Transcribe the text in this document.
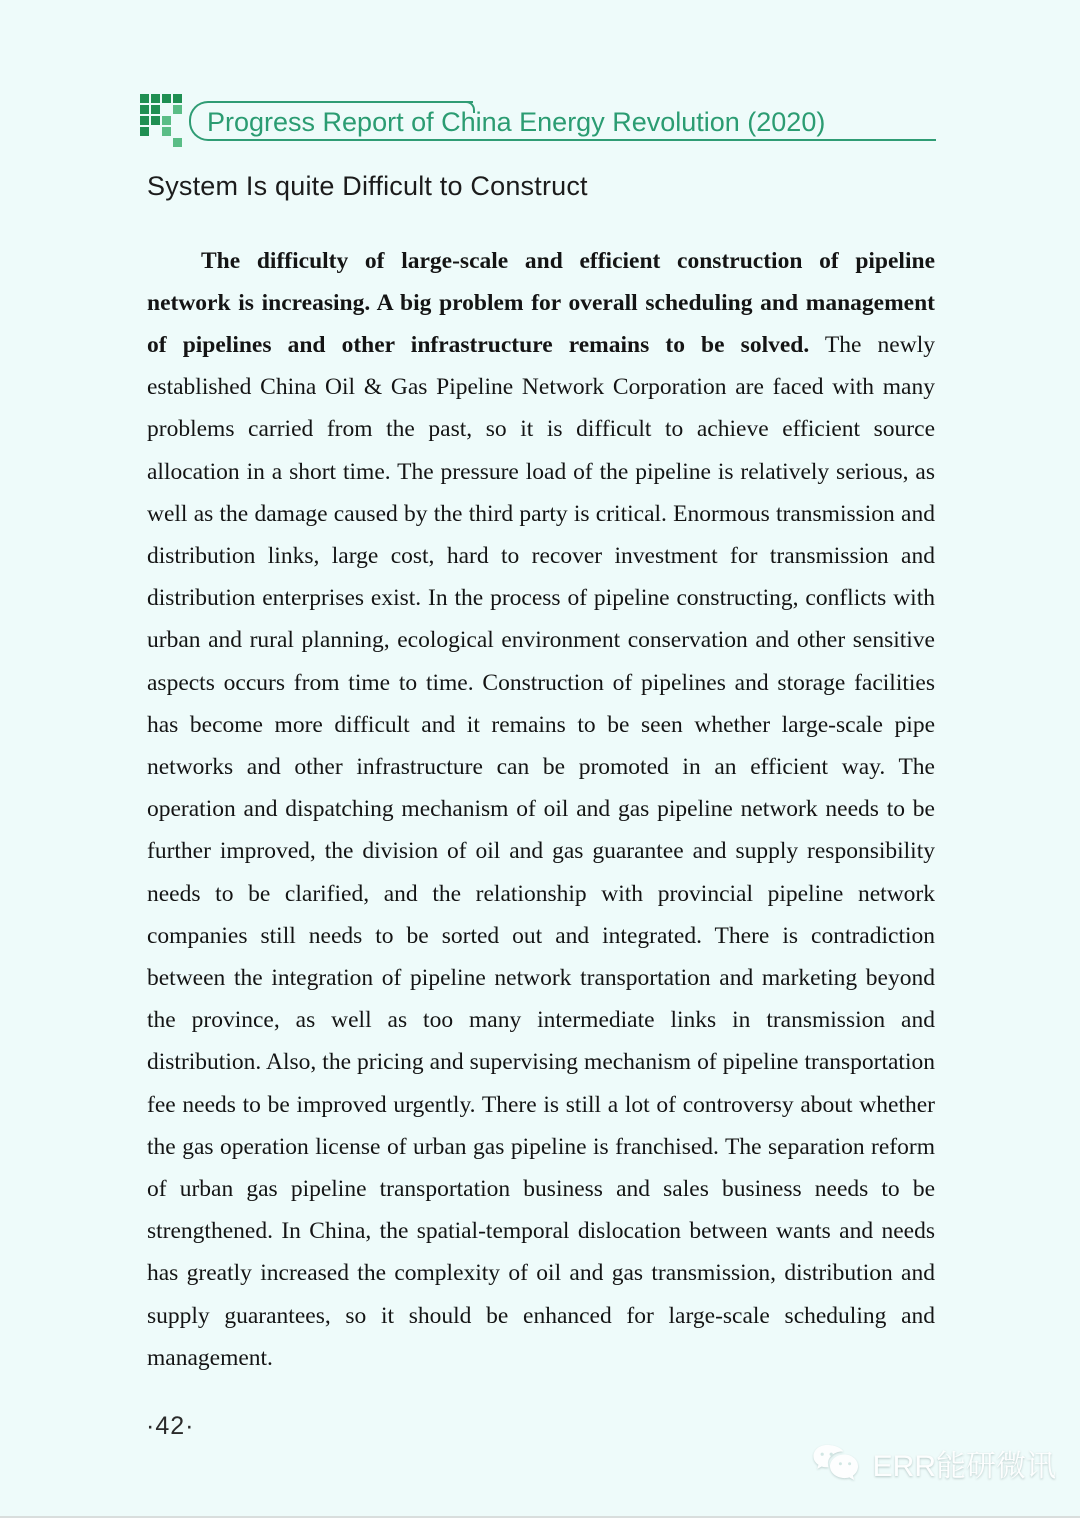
Progress Report of China Energy Revolution (2020)
System Is quite Difficult to Construct

The difficulty of large-scale and efficient construction of pipeline network is increasing. A big problem for overall scheduling and management of pipelines and other infrastructure remains to be solved. The newly established China Oil & Gas Pipeline Network Corporation are faced with many problems carried from the past, so it is difficult to achieve efficient source allocation in a short time. The pressure load of the pipeline is relatively serious, as well as the damage caused by the third party is critical. Enormous transmission and distribution links, large cost, hard to recover investment for transmission and distribution enterprises exist. In the process of pipeline constructing, conflicts with urban and rural planning, ecological environment conservation and other sensitive aspects occurs from time to time. Construction of pipelines and storage facilities has become more difficult and it remains to be seen whether large-scale pipe networks and other infrastructure can be promoted in an efficient way. The operation and dispatching mechanism of oil and gas pipeline network needs to be further improved, the division of oil and gas guarantee and supply responsibility needs to be clarified, and the relationship with provincial pipeline network companies still needs to be sorted out and integrated. There is contradiction between the integration of pipeline network transportation and marketing beyond the province, as well as too many intermediate links in transmission and distribution. Also, the pricing and supervising mechanism of pipeline transportation fee needs to be improved urgently. There is still a lot of controversy about whether the gas operation license of urban gas pipeline is franchised. The separation reform of urban gas pipeline transportation business and sales business needs to be strengthened. In China, the spatial-temporal dislocation between wants and needs has greatly increased the complexity of oil and gas transmission, distribution and supply guarantees, so it should be enhanced for large-scale scheduling and management.

·42·
ERR能研微讯
